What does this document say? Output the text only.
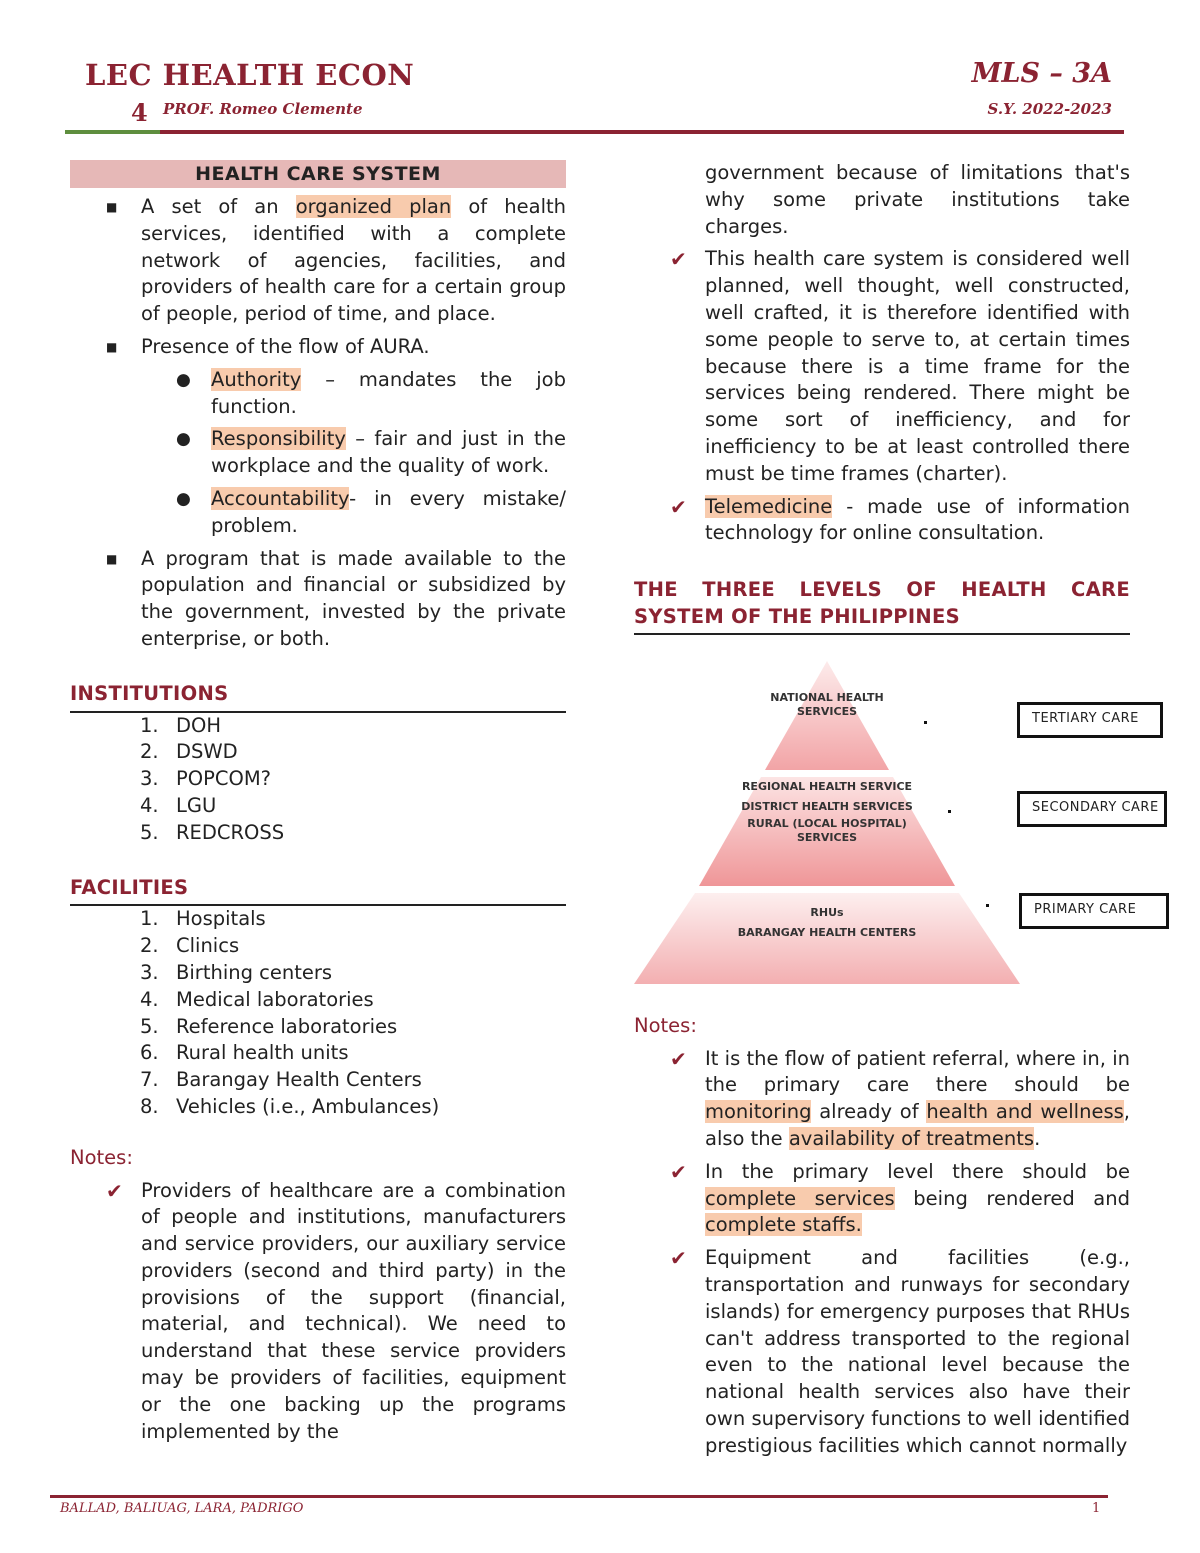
LEC HEALTH ECON
4 PROF. Romeo Clemente
MLS – 3A
S.Y. 2022-2023
HEALTH CARE SYSTEM
■ A set of an organized plan of health services, identified with a complete network of agencies, facilities, and providers of health care for a certain group of people, period of time, and place.
■ Presence of the flow of AURA.
● Authority – mandates the job function.
● Responsibility – fair and just in the workplace and the quality of work.
● Accountability- in every mistake/ problem.
■ A program that is made available to the population and financial or subsidized by the government, invested by the private enterprise, or both.
INSTITUTIONS
1. DOH
2. DSWD
3. POPCOM?
4. LGU
5. REDCROSS
FACILITIES
1. Hospitals
2. Clinics
3. Birthing centers
4. Medical laboratories
5. Reference laboratories
6. Rural health units
7. Barangay Health Centers
8. Vehicles (i.e., Ambulances)
Notes:
✔ Providers of healthcare are a combination of people and institutions, manufacturers and service providers, our auxiliary service providers (second and third party) in the provisions of the support (financial, material, and technical). We need to understand that these service providers may be providers of facilities, equipment or the one backing up the programs implemented by the
government because of limitations that's why some private institutions take charges.
✔ This health care system is considered well planned, well thought, well constructed, well crafted, it is therefore identified with some people to serve to, at certain times because there is a time frame for the services being rendered. There might be some sort of inefficiency, and for inefficiency to be at least controlled there must be time frames (charter).
✔ Telemedicine - made use of information technology for online consultation.
THE THREE LEVELS OF HEALTH CARE SYSTEM OF THE PHILIPPINES
NATIONAL HEALTH
SERVICES
REGIONAL HEALTH SERVICE
DISTRICT HEALTH SERVICES
RURAL (LOCAL HOSPITAL)
SERVICES
RHUs
BARANGAY HEALTH CENTERS
TERTIARY CARE
SECONDARY CARE
PRIMARY CARE
Notes:
✔ It is the flow of patient referral, where in, in the primary care there should be monitoring already of health and wellness, also the availability of treatments.
✔ In the primary level there should be complete services being rendered and complete staffs.
✔ Equipment and facilities (e.g., transportation and runways for secondary islands) for emergency purposes that RHUs can't address transported to the regional even to the national level because the national health services also have their own supervisory functions to well identified prestigious facilities which cannot normally
BALLAD, BALIUAG, LARA, PADRIGO	1
